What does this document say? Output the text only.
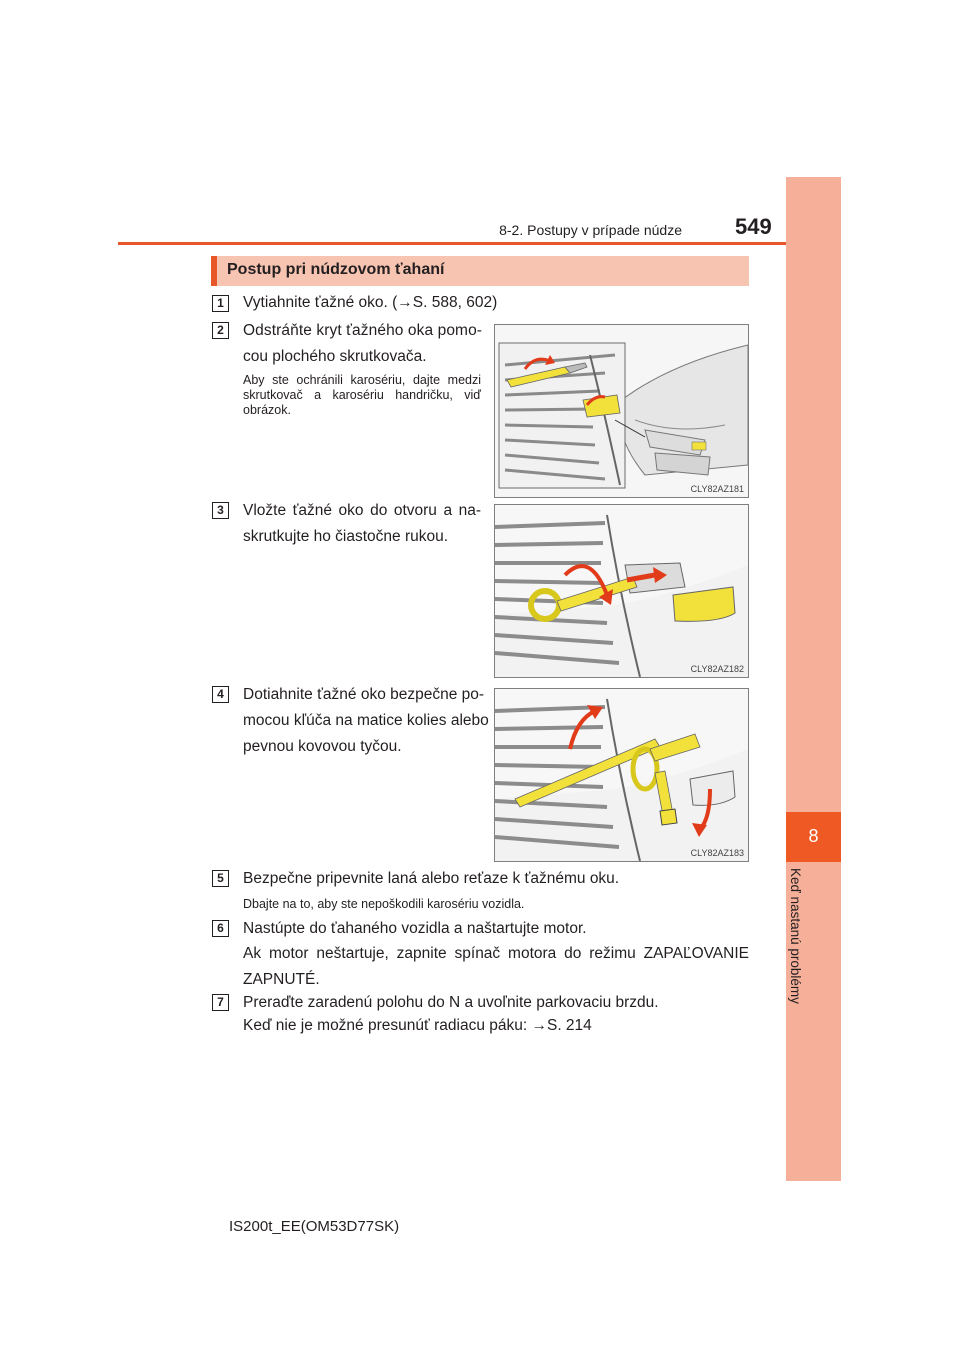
8-2. Postupy v prípade núdze 549
8
Keď nastanú problémy
Postup pri núdzovom ťahaní
1	Vytiahnite ťažné oko. (→S. 588, 602)
2	Odstráňte kryt ťažného oka pomo-
cou plochého skrutkovača.
Aby ste ochránili karosériu, dajte medzi skrutkovač a karosériu handričku, viď obrázok.
CLY82AZ181
3	Vložte ťažné oko do otvoru a na-
skrutkujte ho čiastočne rukou.
CLY82AZ182
4	Dotiahnite ťažné oko bezpečne po-
mocou kľúča na matice kolies alebo
pevnou kovovou tyčou.
CLY82AZ183
5	Bezpečne pripevnite laná alebo reťaze k ťažnému oku.
Dbajte na to, aby ste nepoškodili karosériu vozidla.
6	Nastúpte do ťahaného vozidla a naštartujte motor.
Ak motor neštartuje, zapnite spínač motora do režimu ZAPAĽOVANIE
ZAPNUTÉ.
7	Preraďte zaradenú polohu do N a uvoľnite parkovaciu brzdu.
Keď nie je možné presunúť radiacu páku: →S. 214
IS200t_EE(OM53D77SK)
